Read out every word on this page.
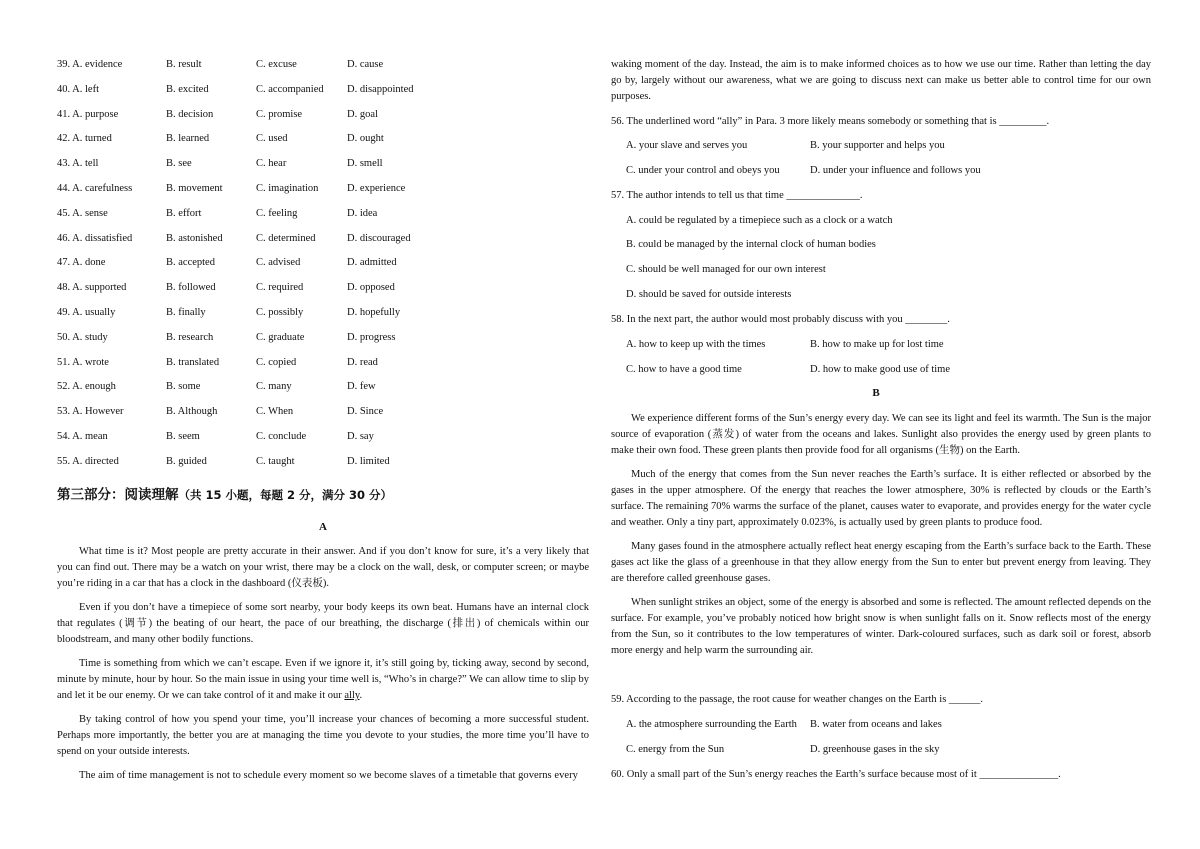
39. A. evidence	B. result	C. excuse	D. cause
40. A. left	B. excited	C. accompanied D. disappointed
41. A. purpose	B. decision	C. promise	D. goal
42. A. turned	B. learned	C. used	D. ought
43. A. tell	B. see	C. hear	D. smell
44. A. carefulness	B. movement	C. imagination	D. experience
45. A. sense	B. effort	C. feeling	D. idea
46. A. dissatisfied	B. astonished	C. determined	D. discouraged
47. A. done	B. accepted	C. advised	D. admitted
48. A. supported	B. followed	C. required	D. opposed
49. A. usually	B. finally	C. possibly	D. hopefully
50. A. study	B. research	C. graduate	D. progress
51. A. wrote	B. translated	C. copied	D. read
52. A. enough	B. some	C. many	D. few
53. A. However	B. Although	C. When	D. Since
54. A. mean	B. seem	C. conclude	D. say
55. A. directed	B. guided	C. taught	D. limited
第三部分：阅读理解（共 15 小题，每题 2 分，满分 30 分）
A

What time is it? Most people are pretty accurate in their answer. And if you don’t know for sure, it’s a very likely that you can find out. There may be a watch on your wrist, there may be a clock on the wall, desk, or computer screen; or maybe you’re riding in a car that has a clock in the dashboard (仪表板).

Even if you don’t have a timepiece of some sort nearby, your body keeps its own beat. Humans have an internal clock that regulates (调节) the beating of our heart, the pace of our breathing, the discharge (排出) of chemicals within our bloodstream, and many other bodily functions.

Time is something from which we can’t escape. Even if we ignore it, it’s still going by, ticking away, second by second, minute by minute, hour by hour. So the main issue in using your time well is, “Who’s in charge?” We can allow time to slip by and let it be our enemy. Or we can take control of it and make it our ally.

By taking control of how you spend your time, you’ll increase your chances of becoming a more successful student. Perhaps more importantly, the better you are at managing the time you devote to your studies, the more time you’ll have to spend on your outside interests.

The aim of time management is not to schedule every moment so we become slaves of a timetable that governs every

waking moment of the day. Instead, the aim is to make informed choices as to how we use our time. Rather than letting the day go by, largely without our awareness, what we are going to discuss next can make us better able to control time for our own purposes.

56. The underlined word “ally” in Para. 3 more likely means somebody or something that is _________.
A. your slave and serves you	B. your supporter and helps you
C. under your control and obeys you	D. under your influence and follows you
57. The author intends to tell us that time ______________.
A. could be regulated by a timepiece such as a clock or a watch
B. could be managed by the internal clock of human bodies
C. should be well managed for our own interest
D. should be saved for outside interests
58. In the next part, the author would most probably discuss with you ________.
A. how to keep up with the times	B. how to make up for lost time
C. how to have a good time	D. how to make good use of time
B

We experience different forms of the Sun’s energy every day. We can see its light and feel its warmth. The Sun is the major source of evaporation (蒸发) of water from the oceans and lakes. Sunlight also provides the energy used by green plants to make their own food. These green plants then provide food for all organisms (生物) on the Earth.

Much of the energy that comes from the Sun never reaches the Earth’s surface. It is either reflected or absorbed by the gases in the upper atmosphere. Of the energy that reaches the lower atmosphere, 30% is reflected by clouds or the Earth’s surface. The remaining 70% warms the surface of the planet, causes water to evaporate, and provides energy for the water cycle and weather. Only a tiny part, approximately 0.023%, is actually used by green plants to produce food.

Many gases found in the atmosphere actually reflect heat energy escaping from the Earth’s surface back to the Earth. These gases act like the glass of a greenhouse in that they allow energy from the Sun to enter but prevent energy from leaving. They are therefore called greenhouse gases.

When sunlight strikes an object, some of the energy is absorbed and some is reflected. The amount reflected depends on the surface. For example, you’ve probably noticed how bright snow is when sunlight falls on it. Snow reflects most of the energy from the Sun, so it contributes to the low temperatures of winter. Dark-coloured surfaces, such as dark soil or forest, absorb more energy and help warm the surrounding air.

59. According to the passage, the root cause for weather changes on the Earth is ______.
A. the atmosphere surrounding the Earth B. water from oceans and lakes
C. energy from the Sun	D. greenhouse gases in the sky
60. Only a small part of the Sun’s energy reaches the Earth’s surface because most of it _______________.
